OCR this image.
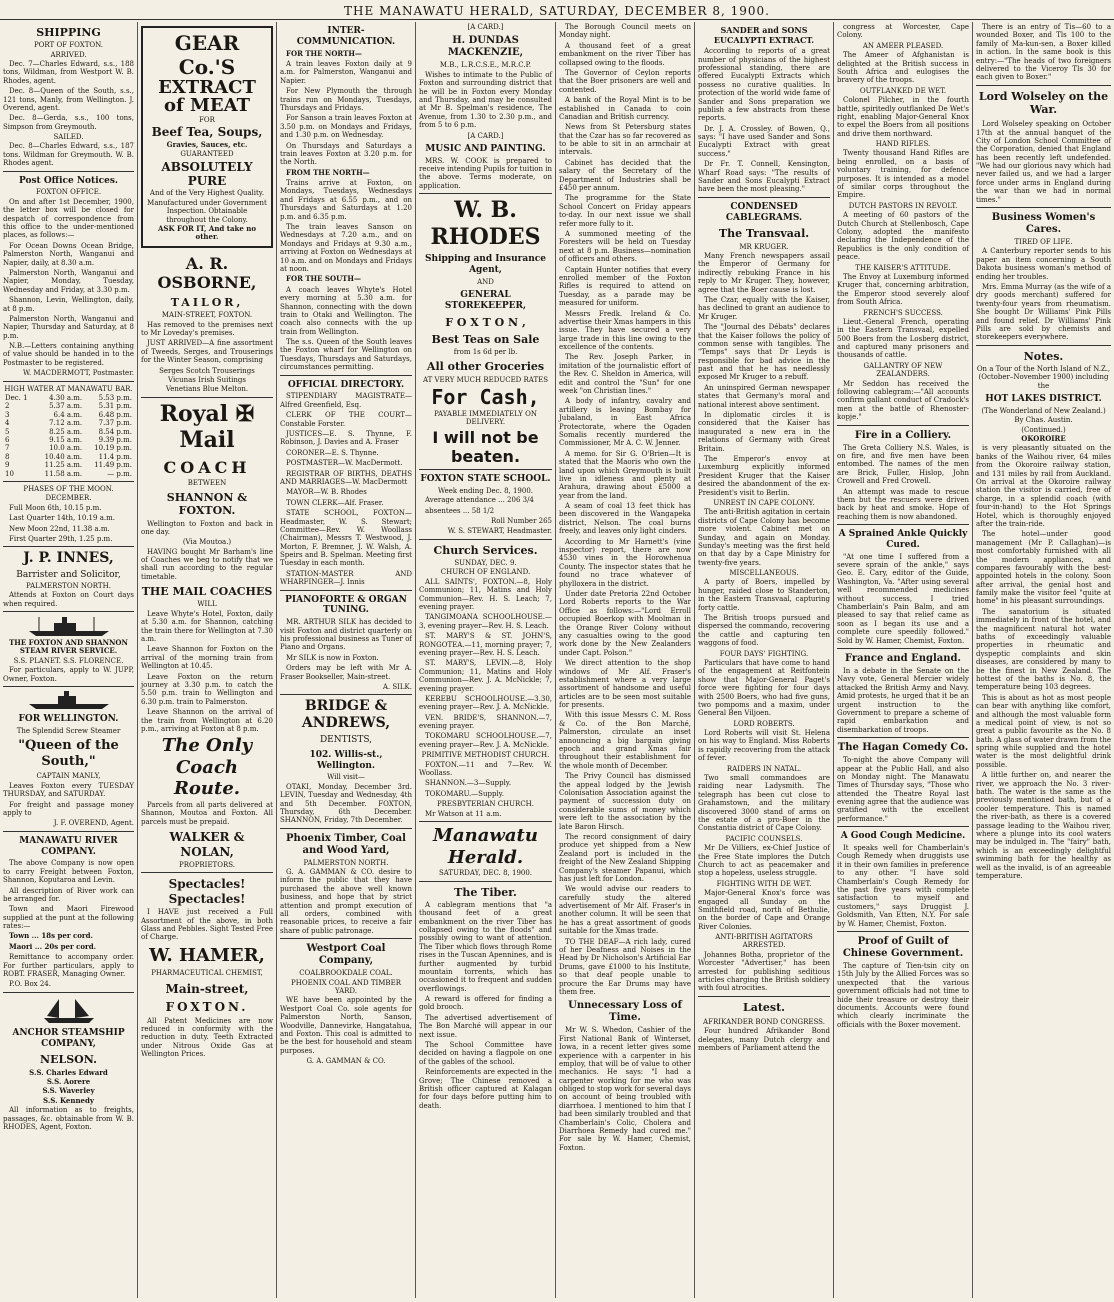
THE MANAWATU HERALD, SATURDAY, DECEMBER 8, 1900.
SHIPPING
PORT OF FOXTON.
ARRIVED.
Dec. 7—Charles Edward, s.s., 188 tons, Wildman, from Westport W. B. Rhodes, agent.
Dec. 8—Queen of the South, s.s., 121 tons, Manly, from Wellington. J. Overend, agent.
Dec. 8—Gerda, s.s., 100 tons, Simpson from Greymouth.
SAILED.
Dec. 8—Charles Edward, s.s., 187 tons. Wildman for Greymouth. W. B. Rhodes agent.
Post Office Notices.
FOXTON OFFICE.
On and after 1st December, 1900, the letter box will be closed for despatch of correspondence from this office to the under-mentioned places, as follows:—
For Ocean Downs Ocean Bridge, Palmerston North, Wanganui and Napier, daily, at 8.30 a.m.
Palmerston North, Wanganui and Napier, Monday, Tuesday, Wednesday and Friday, at 3.30 p.m.
Shannon, Levin, Wellington, daily, at 8 p.m.
Palmerston North, Wanganui and Napier, Thursday and Saturday, at 8 p.m.
N.B.—Letters containing anything of value should be handed in to the Postmaster to be registered.
W. MACDERMOTT, Postmaster.
HIGH WATER AT MANAWATU BAR.
Dec. 1	4.30 a.m.	5.53 p.m.
2	5.37 a.m.	5.31 p.m.
3	6.4 a.m.	6.48 p.m.
4	7.12 a.m.	7.37 p.m.
5	8.25 a.m.	8.54 p.m.
6	9.15 a.m.	9.39 p.m.
7	10.0 a.m.	10.19 p.m.
8	10.40 a.m.	11.4 p.m.
9	11.25 a.m.	11.49 p.m.
10	11.58 a.m.	— p.m.
PHASES OF THE MOON.
DECEMBER.
Full Moon 6th, 10.15 p.m.
Last Quarter 14th, 10.19 a.m.
New Moon 22nd, 11.38 a.m.
First Quarter 29th, 1.25 p.m.
J. P. INNES,
Barrister and Solicitor,
PALMERSTON NORTH.
Attends at Foxton on Court days when required.
THE FOXTON AND SHANNON STEAM RIVER SERVICE.
S.S. PLANET. S.S. FLORENCE.
For particulars, apply to W. JUPP, Owner, Foxton.
FOR WELLINGTON.
The Splendid Screw Steamer
"Queen of the South,"
CAPTAIN MANLY,
Leaves Foxton every TUESDAY THURSDAY, and SATURDAY.
For freight and passage money apply to
J. F. OVEREND, Agent.
MANAWATU RIVER COMPANY.
The above Company is now open to carry Freight between Foxton, Shannon, Koputaroa and Levin.
All description of River work can be arranged for.
Town and Maori Firewood supplied at the punt at the following rates:—
Town ... 18s per cord.
Maori ... 20s per cord.
Remittance to accompany order. For further particulars, apply to ROBT. FRASER, Managing Owner.
P.O. Box 24.
ANCHOR STEAMSHIP COMPANY,
NELSON.
S.S. Charles Edward
S.S. Aorere
S.S. Waverley
S.S. Kennedy
All information as to freights, passages, &c. obtainable from W. B. RHODES, Agent, Foxton.
GEAR Co.'S
EXTRACT
of MEAT
FOR
Beef Tea, Soups,
Gravies, Sauces, etc.
GUARANTEED
ABSOLUTELY PURE
And of the Very Highest Quality.
Manufactured under Government Inspection. Obtainable throughout the Colony.
ASK FOR IT, And take no other.
A. R. OSBORNE,
TAILOR,
MAIN-STREET, FOXTON.
Has removed to the premises next to Mr Loveday's premises.
JUST ARRIVED—A fine assortment of Tweeds, Serges, and Trouserings for the Winter Season, comprising
Serges Scotch Trouserings
Vicunas Irish Suitings
Venetians Blue Melton.
Royal ✠ Mail
COACH
BETWEEN
SHANNON & FOXTON.
Wellington to Foxton and back in one day.
(Via Moutoa.)
HAVING bought Mr Barham's line of Coaches we beg to notify that we shall run according to the regular timetable.
THE MAIL COACHES
WILL
Leave Whyte's Hotel, Foxton, daily at 5.30 a.m. for Shannon, catching the train there for Wellington at 7.30 a.m.
Leave Shannon for Foxton on the arrival of the morning train from Wellington at 10.45.
Leave Foxton on the return journey at 3.30 p.m. to catch the 5.50 p.m. train to Wellington and 6.30 p.m. train to Palmerston.
Leave Shannon on the arrival of the train from Wellington at 6.20 p.m., arriving at Foxton at 8 p.m.
The Only Coach Route.
Parcels from all parts delivered at Shannon, Moutoa and Foxton. All parcels must be prepaid.
WALKER & NOLAN,
PROPRIETORS.
Spectacles! Spectacles!
I HAVE just received a Full Assortment of the above, in both Glass and Pebbles. Sight Tested Free of Charge.
W. HAMER,
PHARMACEUTICAL CHEMIST,
Main-street,
FOXTON.
All Patent Medicines are now reduced in conformity with the reduction in duty. Teeth Extracted under Nitrous Oxide Gas at Wellington Prices.
INTER-COMMUNICATION.
FOR THE NORTH—
A train leaves Foxton daily at 9 a.m. for Palmerston, Wanganui and Napier.
For New Plymouth the through trains run on Mondays, Tuesdays, Thursdays and Fridays.
For Sanson a train leaves Foxton at 3.50 p.m. on Mondays and Fridays, and 1.30 p.m. on Wednesday.
On Thursdays and Saturdays a train leaves Foxton at 3.20 p.m. for the North.
FROM THE NORTH—
Trains arrive at Foxton, on Mondays, Tuesdays, Wednesdays and Fridays at 6.55 p.m., and on Thursdays and Saturdays at 1.20 p.m. and 6.35 p.m.
The train leaves Sanson on Wednesdays at 7.20 a.m., and on Mondays and Fridays at 9.30 a.m., arriving at Foxton on Wednesdays at 10 a.m. and on Mondays and Fridays at noon.
FOR THE SOUTH—
A coach leaves Whyte's Hotel every morning at 5.30 a.m. for Shannon, connecting with the down train to Otaki and Wellington. The coach also connects with the up train from Wellington.
The s.s. Queen of the South leaves the Foxton wharf for Wellington on Tuesdays, Thursdays and Saturdays, circumstances permitting.
OFFICIAL DIRECTORY.
STIPENDIARY MAGISTRATE—Alfred Greenfield, Esq.
CLERK OF THE COURT—Constable Forster.
JUSTICES—E. S. Thynne, F. Robinson, J. Davies and A. Fraser
CORONER—E. S. Thynne.
POSTMASTER—W. MacDermott.
REGISTRAR OF BIRTHS, DEATHS AND MARRIAGES—W. MacDermott
MAYOR—W. B. Rhodes
TOWN CLERK—Alf. Fraser.
STATE SCHOOL, FOXTON—Headmaster, W. S. Stewart; Committee—Rev. W. Woollass (Chairman), Messrs T. Westwood, J. Morton, F. Bremner, J. W. Walsh, A. Speirs and B. Spelman. Meeting first Tuesday in each month.
STATION-MASTER AND WHARFINGER—J. Innis
PIANOFORTE & ORGAN TUNING.
MR. ARTHUR SILK has decided to visit Foxton and district quarterly on his professional business as Tuner of Piano and Organs.
Mr SILK is now in Foxton.
Orders may be left with Mr A. Fraser Bookseller, Main-street.
A. SILK.
BRIDGE & ANDREWS,
DENTISTS,
102. Willis-st., Wellington.
Will visit—
OTAKI, Monday, December 3rd. LEVIN, Tuesday and Wednesday, 4th and 5th December. FOXTON, Thursday, 6th December. SHANNON, Friday, 7th December.
Phoenix Timber, Coal and Wood Yard,
PALMERSTON NORTH.
G. A. GAMMAN & CO. desire to inform the public that they have purchased the above well known business, and hope that by strict attention and prompt execution of all orders, combined with reasonable prices, to receive a fair share of public patronage.
Westport Coal Company,
COALBROOKDALE COAL.
PHOENIX COAL AND TIMBER YARD.
WE have been appointed by the Westport Coal Co. sole agents for Palmerston North, Sanson, Woodville, Dannevirke, Hangatahua, and Foxton. This coal is admitted to be the best for household and steam purposes.
G. A. GAMMAN & CO.
[A CARD.]
H. DUNDAS MACKENZIE,
M.B., L.R.C.S.E., M.R.C.P.
Wishes to intimate to the Public of Foxton and surrounding district that he will be in Foxton every Monday and Thursday, and may be consulted at Mr B. Spelman's residence, The Avenue, from 1.30 to 2.30 p.m., and from 5 to 6 p.m.
[A CARD.]
MUSIC AND PAINTING.
MRS. W. COOK is prepared to receive intending Pupils for tuition in the above. Terms moderate, on application.
W. B. RHODES
Shipping and Insurance Agent,
AND
GENERAL STOREKEEPER,
F O X T O N ,
Best Teas on Sale
from 1s 6d per lb.
All other Groceries
AT VERY MUCH REDUCED RATES
For Cash,
PAYABLE IMMEDIATELY ON DELIVERY.
I will not be beaten.
FOXTON STATE SCHOOL.
Week ending Dec. 8, 1900.
Average attendance ... 206 3/4
absentees ... 58 1/2
Roll Number 265
W. S. STEWART, Headmaster.
Church Services.
SUNDAY, DEC. 9.
CHURCH OF ENGLAND.
ALL SAINTS', FOXTON.—8, Holy Communion; 11, Matins and Holy Communion—Rev. H. S. Leach; 7, evening prayer.
TANGIMOANA SCHOOLHOUSE.—3, evening prayer—Rev. H. S. Leach.
ST. MARY'S & ST. JOHN'S, RONGOTEA.—11, morning prayer; 7, evening prayer—Rev. H. S. Leach.
ST. MARY'S, LEVIN.—8, Holy Communion; 11, Matins and Holy Communion—Rev. J. A. McNickle; 7, evening prayer.
KEREBU SCHOOLHOUSE.—3.30, evening prayer—Rev. J. A. McNickle.
VEN. BRIDE'S, SHANNON.—7, evening prayer.
TOKOMARU SCHOOLHOUSE.—7, evening prayer—Rev. J. A. McNickle.
PRIMITIVE METHODIST CHURCH.
FOXTON.—11 and 7—Rev. W. Woollass.
SHANNON.—3—Supply.
TOKOMARU.—Supply.
PRESBYTERIAN CHURCH.
Mr Watson at 11 a.m.
Manawatu Herald.
SATURDAY, DEC. 8, 1900.
The Tiber.
A cablegram mentions that "a thousand feet of a great embankment on the river Tiber has collapsed owing to the floods" and possibly owing to want of attention. The Tiber which flows through Rome rises in the Tuscan Apennines, and is further augmented by turbid mountain torrents, which has occasioned it to frequent and sudden overflowings.
A reward is offered for finding a gold brooch.
The advertised advertisement of The Bon Marché will appear in our next issue.
The School Committee have decided on having a flagpole on one of the gables of the school.
Reinforcements are expected in the Grove; The Chinese removed a British officer captured at Kalagan for four days before putting him to death.
The Borough Council meets on Monday night.
A thousand feet of a great embankment on the river Tiber has collapsed owing to the floods.
The Governor of Ceylon reports that the Boer prisoners are well and contented.
A bank of the Royal Mint is to be established in Canada to coin Canadian and British currency.
News from St Petersburg states that the Czar has so far recovered as to be able to sit in an armchair at intervals.
Cabinet has decided that the salary of the Secretary of the Department of Industries shall be £450 per annum.
The programme for the State School Concert on Friday appears to-day. In our next issue we shall refer more fully to it.
A summoned meeting of the Foresters will be held on Tuesday next at 8 p.m. Business—nomination of officers and others.
Captain Hunter notifies that every enrolled member of the Foxton Rifles is required to attend on Tuesday, as a parade may be measured for uniform.
Messrs Fredk. Ireland & Co. advertise their Xmas hampers in this issue. They have secured a very large trade in this line owing to the excellence of the contents.
The Rev. Joseph Parker, in imitation of the journalistic effort of the Rev. C. Sheldon in America, will edit and control the "Sun" for one week "on Christian lines."
A body of infantry, cavalry and artillery is leaving Bombay for Jubaland, in East Africa Protectorate, where the Ogaden Somalis recently murdered the Commissioner, Mr A. C. W. Jenner.
A memo. for Sir G. O'Brien—It is stated that the Maoris who own the land upon which Greymouth is built live in idleness and plenty at Arahura, drawing about £5000 a year from the land.
A seam of coal 13 feet thick has been discovered in the Wangapeka district, Nelson. The coal burns freely, and leaves only light cinders.
According to Mr Harnett's (vine inspector) report, there are now 4530 vines in the Horowhenua County. The inspector states that he found no trace whatever of phylloxera in the district.
Under date Pretoria 22nd October Lord Roberts reports to the War Office as follows:—"Lord Erroll occupied Boerkop with Moolman in the Orange River Colony without any casualties owing to the good work done by the New Zealanders under Capt. Polson."
We direct attention to the shop windows of Mr Alf. Fraser's establishment where a very large assortment of handsome and useful articles are to be seen most suitable for presents.
With this issue Messrs C. M. Ross & Co. of the Bon Marché, Palmerston, circulate an inset announcing a big bargain giving epoch and grand Xmas fair throughout their establishment for the whole month of December.
The Privy Council has dismissed the appeal lodged by the Jewish Colonisation Association against the payment of succession duty on considerable sums of money which were left to the association by the late Baron Hirsch.
The record consignment of dairy produce yet shipped from a New Zealand port is included in the freight of the New Zealand Shipping Company's steamer Papanui, which has just left for London.
We would advise our readers to carefully study the altered advertisement of Mr Alf. Fraser's in another column. It will be seen that he has a great assortment of goods suitable for the Xmas trade.
TO THE DEAF—A rich lady, cured of her Deafness and Noises in the Head by Dr Nicholson's Artificial Ear Drums, gave £1000 to his Institute, so that deaf people unable to procure the Ear Drums may have them free.
Unnecessary Loss of Time.
Mr W. S. Whedon, Cashier of the First National Bank of Winterset, Iowa, in a recent letter gives some experience with a carpenter in his employ, that will be of value to other mechanics. He says: "I had a carpenter working for me who was obliged to stop work for several days on account of being troubled with diarrhoea. I mentioned to him that I had been similarly troubled and that Chamberlain's Colic, Cholera and Diarrhoea Remedy had cured me." For sale by W. Hamer, Chemist, Foxton.
SANDER and SONS EUCALYPTI EXTRACT.
According to reports of a great number of physicians of the highest professional standing, there are offered Eucalypti Extracts which possess no curative qualities. In protection of the world wide fame of Sander and Sons preparation we publish a few abstracts from these reports.
Dr. J. A. Crossley. of Bowen, Q., says: "I have used Sander and Sons Eucalypti Extract with great success."
Dr Fr. T. Connell, Kensington, Wharf Road says: "The results of Sander and Sons Eucalypti Extract have been the most pleasing."
CONDENSED CABLEGRAMS.
The Transvaal.
MR KRUGER.
Many French newspapers assail the Emperor of Germany for indirectly rebuking France in his reply to Mr Kruger. They, however, agree that the Boer cause is lost.
The Czar, equally with the Kaiser, has declined to grant an audience to Mr Kruger.
The "Journal des Débats" declares that the Kaiser follows the policy of common sense with tangibles. The "Temps" says that Dr Leyds is responsible for bad advice in the past and that he has needlessly exposed Mr Kruger to a rebuff.
An uninspired German newspaper states that Germany's moral and national interest above sentiment.
In diplomatic circles it is considered that the Kaiser has inaugurated a new era in the relations of Germany with Great Britain.
The Emperor's envoy at Luxemburg explicitly informed President Kruger that the Kaiser desired the abandonment of the ex-President's visit to Berlin.
UNREST IN CAPE COLONY.
The anti-British agitation in certain districts of Cape Colony has become more violent. Cabinet met on Sunday, and again on Monday. Sunday's meeting was the first held on that day by a Cape Ministry for twenty-five years.
MISCELLANEOUS.
A party of Boers, impelled by hunger, raided close to Standerton, in the Eastern Transvaal, capturing forty cattle.
The British troops pursued and dispersed the commando, recovering the cattle and capturing ten waggons of food.
FOUR DAYS' FIGHTING.
Particulars that have come to hand of the engagement at Reitfontein show that Major-General Paget's force were fighting for four days with 2500 Boers, who had five guns, two pompoms and a maxim, under General Ben Viljoen.
LORD ROBERTS.
Lord Roberts will visit St. Helena on his way to England. Miss Roberts is rapidly recovering from the attack of fever.
RAIDERS IN NATAL.
Two small commandoes are raiding near Ladysmith. The telegraph has been cut close to Grahamstown, and the military discovered 3000 stand of arms on the estate of a pro-Boer in the Constantia district of Cape Colony.
PACIFIC COUNSELS.
Mr De Villiers, ex-Chief Justice of the Free State implores the Dutch Church to act as peacemaker and stop a hopeless, useless struggle.
FIGHTING WITH DE WET.
Major-General Knox's force was engaged all Sunday on the Smithfield road, north of Bethulie, on the border of Cape and Orange River Colonies.
ANTI-BRITISH AGITATORS ARRESTED.
Johannes Botha, proprietor of the Worcester "Advertiser," has been arrested for publishing seditious articles charging the British soldiery with foul atrocities.
Latest.
AFRIKANDER BOND CONGRESS.
Four hundred Afrikander Bond delegates, many Dutch clergy and members of Parliament attend the
congress at Worcester, Cape Colony.
AN AMEER PLEASED.
The Ameer of Afghanistan is delighted at the British success in South Africa and eulogises the bravery of the troops.
OUTFLANKED DE WET.
Colonel Pilcher, in the fourth battle, spiritedly outflanked De Wet's right, enabling Major-General Knox to expel the Boers from all positions and drive them northward.
HAND RIFLES.
Twenty thousand Hand Rifles are being enrolled, on a basis of voluntary training, for defence purposes. It is intended as a model of similar corps throughout the Empire.
DUTCH PASTORS IN REVOLT.
A meeting of 60 pastors of the Dutch Church at Stellenbosch, Cape Colony, adopted the manifesto declaring the Independence of the Republics is the only condition of peace.
THE KAISER'S ATTITUDE.
The Envoy at Luxemburg informed Kruger that, concerning arbitration, the Emperor stood severely aloof from South Africa.
FRENCH'S SUCCESS.
Lieut.-General French, operating in the Eastern Transvaal, expelled 500 Boers from the Losberg district, and captured many prisoners and thousands of cattle.
GALLANTRY OF NEW ZEALANDERS.
Mr Seddon has received the following cablegram:—"All accounts confirm gallant conduct of Cradock's men at the battle of Rhenoster-kopje."
Fire in a Colliery.
The Greta Colliery N.S. Wales, is on fire, and five men have been entombed. The names of the men are Brick, Fuller, Hislop, John Crowell and Fred Crowell.
An attempt was made to rescue them but the rescuers were driven back by heat and smoke. Hope of reaching them is now abandoned.
A Sprained Ankle Quickly Cured.
"At one time I suffered from a severe sprain of the ankle," says Geo. E. Cary, editor of the Guide, Washington, Va. "After using several well recommended medicines without success, I tried Chamberlain's Pain Balm, and am pleased to say that relief came as soon as I began its use and a complete cure speedily followed." Sold by W. Hamer, Chemist, Foxton.
France and England.
In a debate in the Senate on the Navy vote, General Mercier widely attacked the British Army and Navy. Amid protests, he urged that it be an urgent instruction to the Government to prepare a scheme of rapid embarkation and disembarkation of troops.
The Hagan Comedy Co.
To-night the above Company will appear at the Public Hall, and also on Monday night. The Manawatu Times of Thursday says, "Those who attended the Theatre Royal last evening agree that the audience was gratified with the excellent performance."
A Good Cough Medicine.
It speaks well for Chamberlain's Cough Remedy when druggists use it in their own families in preference to any other. "I have sold Chamberlain's Cough Remedy for the past five years with complete satisfaction to myself and customers," says Druggist J. Goldsmith, Van Etten, N.Y. For sale by W. Hamer, Chemist, Foxton.
Proof of Guilt of Chinese Government.
The capture of Tien-tsin city on 15th July by the Allied Forces was so unexpected that the various government officials had not time to hide their treasure or destroy their documents. Accounts were found which clearly incriminate the officials with the Boxer movement.
There is an entry of Tis—60 to a wounded Boxer, and Tls 100 to the family of Ma-kun-sen, a Boxer killed in action. In the same book is this entry:—"The heads of two foreigners delivered to the Viceroy Tls 30 for each given to Boxer."
Lord Wolseley on the War.
Lord Wolseley speaking on October 17th at the annual banquet of the City of London School Committee of the Corporation, denied that England has been recently left undefended. "We had our glorious navy which had never failed us, and we had a larger force under arms in England during the war than we had in normal times."
Business Women's Cares.
TIRED OF LIFE.
A Canterbury reporter sends to his paper an item concerning a South Dakota business woman's method of ending her troubles.
Mrs. Emma Murray (as the wife of a dry goods merchant) suffered for twenty-four years from rheumatism. She bought Dr Williams' Pink Pills and found relief. Dr Williams' Pink Pills are sold by chemists and storekeepers everywhere.
Notes.
On a Tour of the North Island of N.Z., (October–November 1900) including the
HOT LAKES DISTRICT.
(The Wonderland of New Zealand.)
By Chas. Austin.
(Continued.)
OKOROIRE
is very pleasantly situated on the banks of the Waihou river, 64 miles from the Okoroire railway station, and 131 miles by rail from Auckland. On arrival at the Okoroire railway station the visitor is carried, free of charge, in a splendid coach (with four-in-hand) to the Hot Springs Hotel, which is thoroughly enjoyed after the train-ride.
The hotel—under good management (Mr P. Callaghan)—is most comfortably furnished with all the modern appliances, and compares favourably with the best-appointed hotels in the colony. Soon after arrival, the genial host and family make the visitor feel "quite at home" in his pleasant surroundings.
The sanatorium is situated immediately in front of the hotel, and the magnificent natural hot water baths of exceedingly valuable properties in rheumatic and dyspeptic complaints and skin diseases, are considered by many to be the finest in New Zealand. The hottest of the baths is No. 8, the temperature being 103 degrees.
This is about as hot as most people can bear with anything like comfort, and although the most valuable form a medical point of view, is not so great a public favourite as the No. 8 bath. A glass of water drawn from the spring while supplied and the hotel water is the most delightful drink possible.
A little further on, and nearer the river, we approach the No. 3 river-bath. The water is the same as the previously mentioned bath, but of a cooler temperature. This is named the river-bath, as there is a covered passage leading to the Waihou river, where a plunge into its cool waters may be indulged in. The "fairy" bath, which is an exceedingly delightful swimming bath for the healthy as well as the invalid, is of an agreeable temperature.
